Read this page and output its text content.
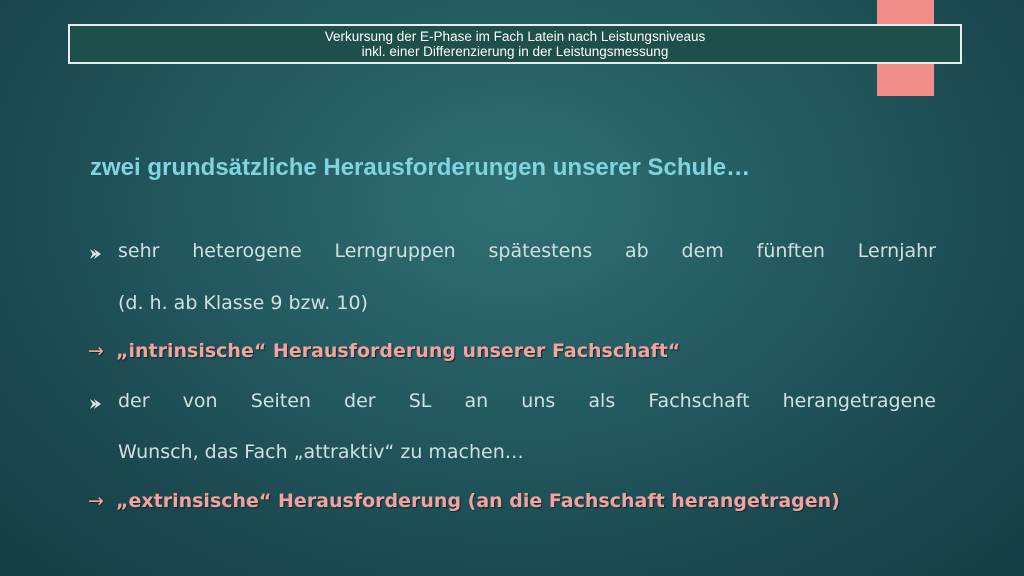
Verkursung der E-Phase im Fach Latein nach Leistungsniveaus
inkl. einer Differenzierung in der Leistungsmessung
zwei grundsätzliche Herausforderungen unserer Schule…
sehr heterogene Lerngruppen spätestens ab dem fünften Lernjahr
(d. h. ab Klasse 9 bzw. 10)
→ „intrinsische“ Herausforderung unserer Fachschaft“
der von Seiten der SL an uns als Fachschaft herangetragene
Wunsch, das Fach „attraktiv“ zu machen…
→ „extrinsische“ Herausforderung (an die Fachschaft herangetragen)
